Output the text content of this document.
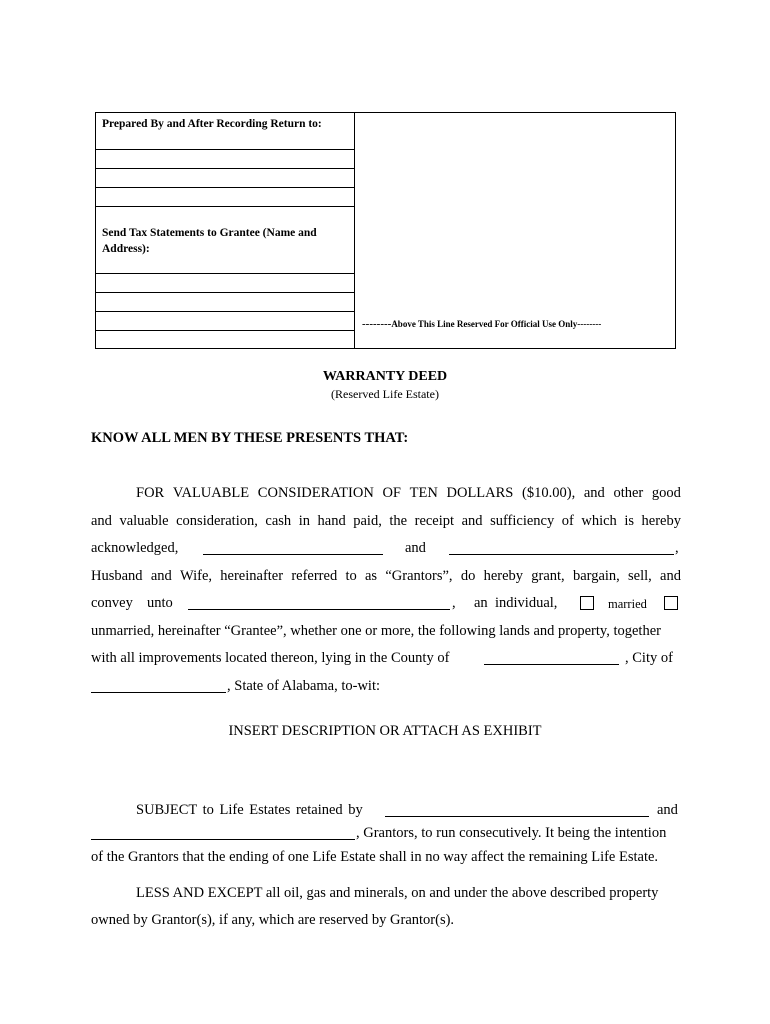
Prepared By and After Recording Return to:
Send Tax Statements to Grantee (Name and Address):
--------Above This Line Reserved For Official Use Only--------
WARRANTY DEED
(Reserved Life Estate)
KNOW ALL MEN BY THESE PRESENTS THAT:
FOR VALUABLE CONSIDERATION OF TEN DOLLARS ($10.00), and other good
and valuable consideration, cash in hand paid, the receipt and sufficiency of which is hereby
acknowledged,	and	,
Husband and Wife, hereinafter referred to as “Grantors”, do hereby grant, bargain, sell, and
convey unto	, an individual,	married
unmarried, hereinafter “Grantee”, whether one or more, the following lands and property, together
with all improvements located thereon, lying in the County of	, City of
, State of Alabama, to-wit:
INSERT DESCRIPTION OR ATTACH AS EXHIBIT
SUBJECT to Life Estates retained by	and
, Grantors, to run consecutively. It being the intention
of the Grantors that the ending of one Life Estate shall in no way affect the remaining Life Estate.
LESS AND EXCEPT all oil, gas and minerals, on and under the above described property
owned by Grantor(s), if any, which are reserved by Grantor(s).
